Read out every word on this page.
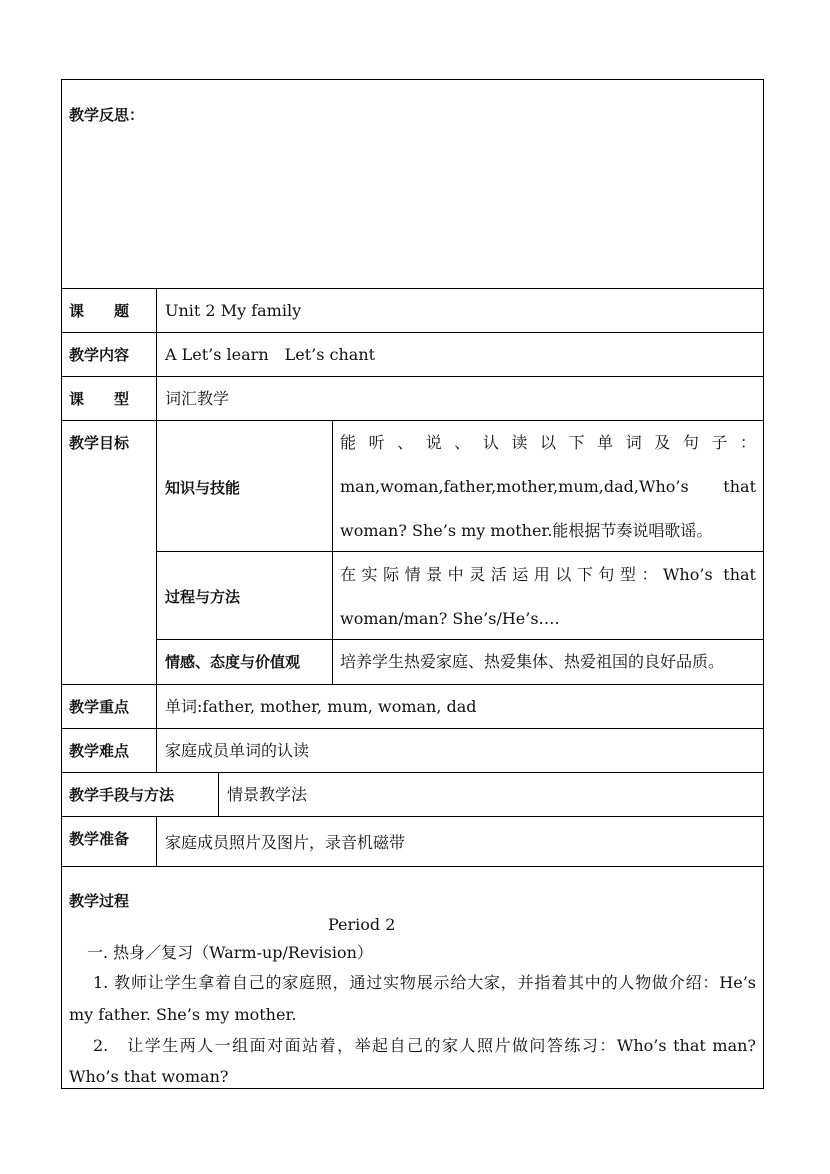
教学反思：
课　　题 Unit 2 My family
教学内容 A Let’s learn　Let’s chant
课　　型 词汇教学
教学目标
知识与技能
能听、说、认读以下单词及句子：
man,woman,father,mother,mum,dad,Who’s that
woman? She’s my mother.能根据节奏说唱歌谣。
过程与方法
在实际情景中灵活运用以下句型：Who’s that
woman/man? She’s/He’s….
情感、态度与价值观 培养学生热爱家庭、热爱集体、热爱祖国的良好品质。
教学重点 单词:father, mother, mum, woman, dad
教学难点 家庭成员单词的认读
教学手段与方法	情景教学法
教学准备 家庭成员照片及图片，录音机磁带
教学过程
Period 2
一. 热身／复习（Warm-up/Revision）
1. 教师让学生拿着自己的家庭照，通过实物展示给大家，并指着其中的人物做介绍：He’s
my father. She’s my mother.
2.　让学生两人一组面对面站着，举起自己的家人照片做问答练习：Who’s that man?
Who’s that woman?
